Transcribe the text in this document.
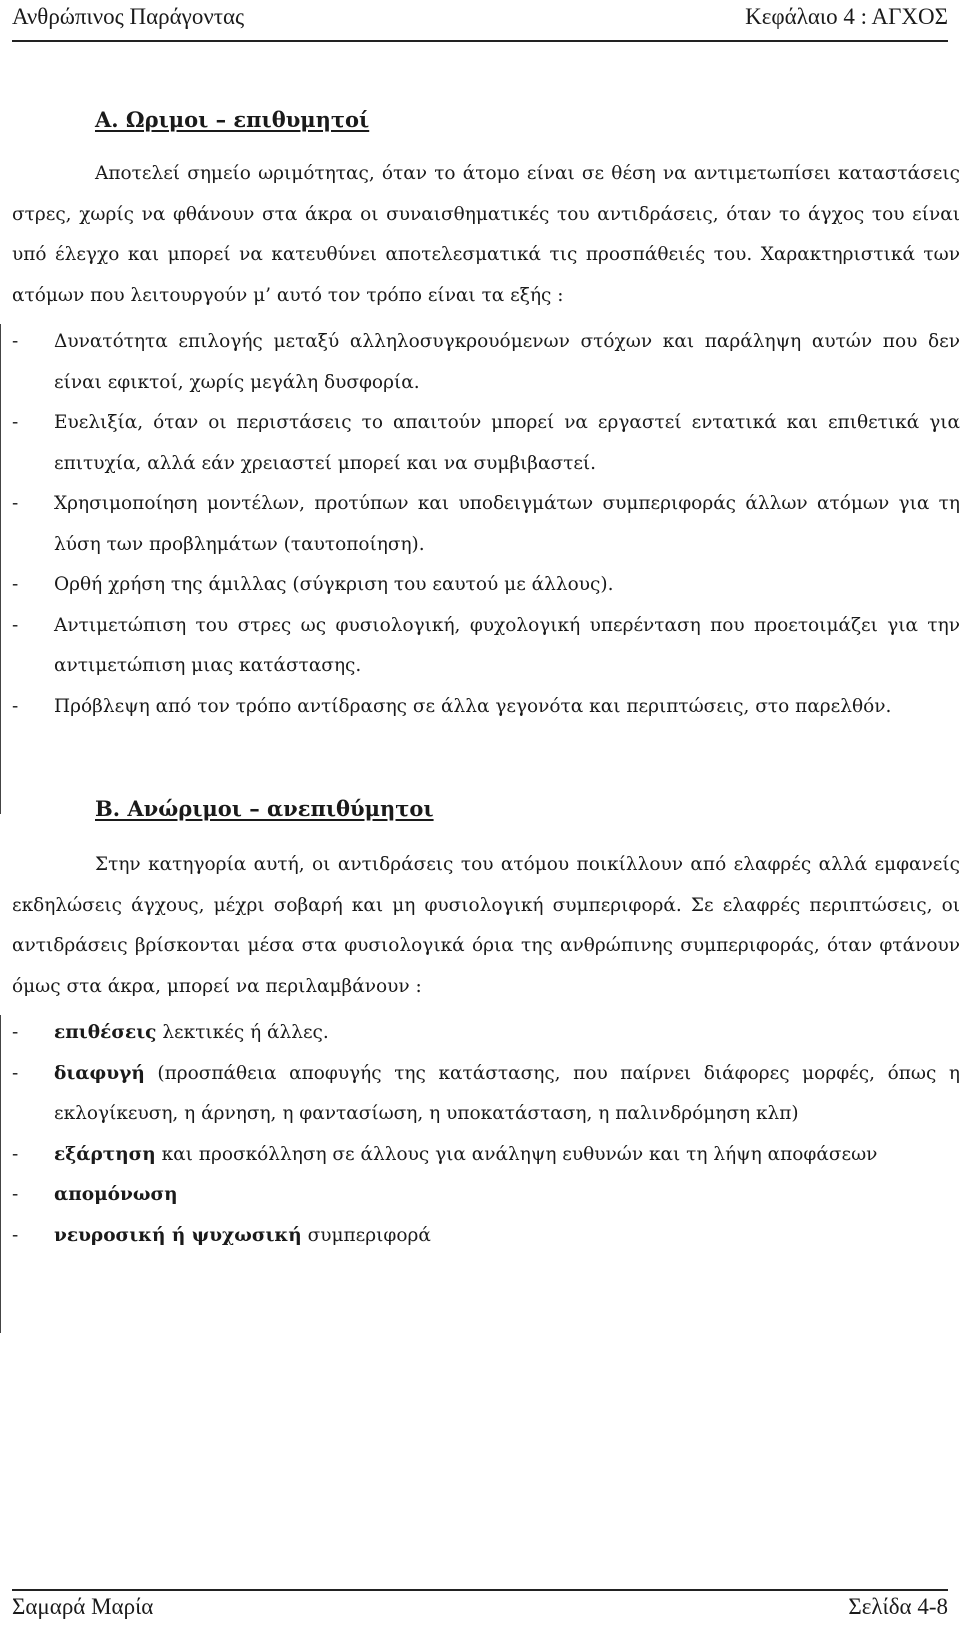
Ανθρώπινος Παράγοντας	Κεφάλαιο 4 : ΑΓΧΟΣ
Α. Ωριμοι – επιθυμητοί

Αποτελεί σημείο ωριμότητας, όταν το άτομο είναι σε θέση να αντιμετωπίσει καταστάσεις στρες, χωρίς να φθάνουν στα άκρα οι συναισθηματικές του αντιδράσεις, όταν το άγχος του είναι υπό έλεγχο και μπορεί να κατευθύνει αποτελεσματικά τις προσπάθειές του. Χαρακτηριστικά των ατόμων που λειτουργούν μ’ αυτό τον τρόπο είναι τα εξής :

-	Δυνατότητα επιλογής μεταξύ αλληλοσυγκρουόμενων στόχων και παράληψη αυτών που δεν είναι εφικτοί, χωρίς μεγάλη δυσφορία.
-	Ευελιξία, όταν οι περιστάσεις το απαιτούν μπορεί να εργαστεί εντατικά και επιθετικά για επιτυχία, αλλά εάν χρειαστεί μπορεί και να συμβιβαστεί.
-	Χρησιμοποίηση μοντέλων, προτύπων και υποδειγμάτων συμπεριφοράς άλλων ατόμων για τη λύση των προβλημάτων (ταυτοποίηση).
-	Ορθή χρήση της άμιλλας (σύγκριση του εαυτού με άλλους).
-	Αντιμετώπιση του στρες ως φυσιολογική, φυχολογική υπερένταση που προετοιμάζει για την αντιμετώπιση μιας κατάστασης.
-	Πρόβλεψη από τον τρόπο αντίδρασης σε άλλα γεγονότα και περιπτώσεις, στο παρελθόν.
Β. Ανώριμοι – ανεπιθύμητοι

Στην κατηγορία αυτή, οι αντιδράσεις του ατόμου ποικίλλουν από ελαφρές αλλά εμφανείς εκδηλώσεις άγχους, μέχρι σοβαρή και μη φυσιολογική συμπεριφορά. Σε ελαφρές περιπτώσεις, οι αντιδράσεις βρίσκονται μέσα στα φυσιολογικά όρια της ανθρώπινης συμπεριφοράς, όταν φτάνουν όμως στα άκρα, μπορεί να περιλαμβάνουν :

-	επιθέσεις λεκτικές ή άλλες.
-	διαφυγή (προσπάθεια αποφυγής της κατάστασης, που παίρνει διάφορες μορφές, όπως η εκλογίκευση, η άρνηση, η φαντασίωση, η υποκατάσταση, η παλινδρόμηση κλπ)
-	εξάρτηση και προσκόλληση σε άλλους για ανάληψη ευθυνών και τη λήψη αποφάσεων
-	απομόνωση
-	νευροσική ή ψυχωσική συμπεριφορά
Σαμαρά Μαρία	Σελίδα 4-8
